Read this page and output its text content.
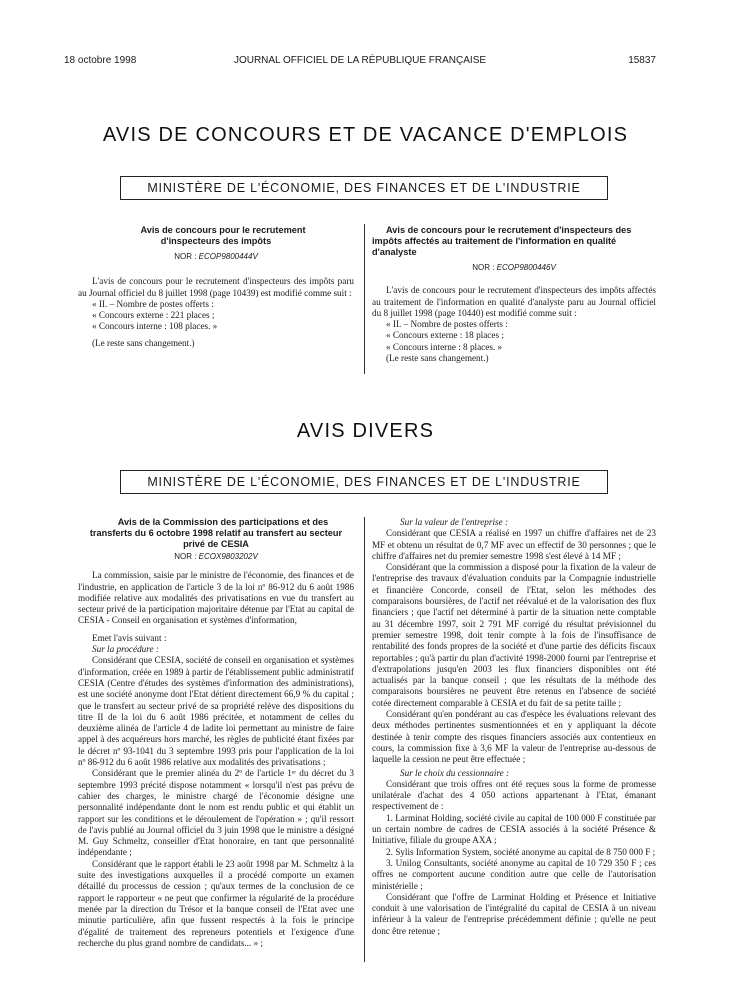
18 octobre 1998	JOURNAL OFFICIEL DE LA RÉPUBLIQUE FRANÇAISE	15837
AVIS DE CONCOURS ET DE VACANCE D'EMPLOIS
MINISTÈRE DE L'ÉCONOMIE, DES FINANCES ET DE L'INDUSTRIE

Avis de concours pour le recrutement d'inspecteurs des impôts

NOR : ECOP9800444V

L'avis de concours pour le recrutement d'inspecteurs des impôts paru au Journal officiel du 8 juillet 1998 (page 10439) est modifié comme suit :

« II. – Nombre de postes offerts :

« Concours externe : 221 places ;

« Concours interne : 108 places. »

(Le reste sans changement.)

Avis de concours pour le recrutement d'inspecteurs des impôts affectés au traitement de l'information en qualité d'analyste

NOR : ECOP9800446V

L'avis de concours pour le recrutement d'inspecteurs des impôts affectés au traitement de l'information en qualité d'analyste paru au Journal officiel du 8 juillet 1998 (page 10440) est modifié comme suit :

« II. – Nombre de postes offerts :

« Concours externe : 18 places ;

« Concours interne : 8 places. »

(Le reste sans changement.)

AVIS DIVERS
MINISTÈRE DE L'ÉCONOMIE, DES FINANCES ET DE L'INDUSTRIE

Avis de la Commission des participations et des transferts du 6 octobre 1998 relatif au transfert au secteur privé de CESIA

NOR : ECOX9803202V

La commission, saisie par le ministre de l'économie, des finances et de l'industrie, en application de l'article 3 de la loi nº 86-912 du 6 août 1986 modifiée relative aux modalités des privatisations en vue du transfert au secteur privé de la participation majoritaire détenue par l'Etat au capital de CESIA - Conseil en organisation et systèmes d'information,

Emet l'avis suivant :

Sur la procédure :

Considérant que CESIA, société de conseil en organisation et systèmes d'information, créée en 1989 à partir de l'établissement public administratif CESIA (Centre d'études des systèmes d'information des administrations), est une société anonyme dont l'Etat détient directement 66,9 % du capital ; que le transfert au secteur privé de sa propriété relève des dispositions du titre II de la loi du 6 août 1986 précitée, et notamment de celles du deuxième alinéa de l'article 4 de ladite loi permettant au ministre de faire appel à des acquéreurs hors marché, les règles de publicité étant fixées par le décret nº 93-1041 du 3 septembre 1993 pris pour l'application de la loi nº 86-912 du 6 août 1986 relative aux modalités des privatisations ;

Considérant que le premier alinéa du 2º de l'article 1ᵉʳ du décret du 3 septembre 1993 précité dispose notamment « lorsqu'il n'est pas prévu de cahier des charges, le ministre chargé de l'économie désigne une personnalité indépendante dont le nom est rendu public et qui établit un rapport sur les conditions et le déroulement de l'opération » ; qu'il ressort de l'avis publié au Journal officiel du 3 juin 1998 que le ministre a désigné M. Guy Schmeltz, conseiller d'Etat honoraire, en tant que personnalité indépendante ;

Considérant que le rapport établi le 23 août 1998 par M. Schmeltz à la suite des investigations auxquelles il a procédé comporte un examen détaillé du processus de cession ; qu'aux termes de la conclusion de ce rapport le rapporteur « ne peut que confirmer la régularité de la procédure menée par la direction du Trésor et la banque conseil de l'Etat avec une minutie particulière, afin que fussent respectés à la fois le principe d'égalité de traitement des repreneurs potentiels et l'exigence d'une recherche du plus grand nombre de candidats... » ;

Sur la valeur de l'entreprise :

Considérant que CESIA a réalisé en 1997 un chiffre d'affaires net de 23 MF et obtenu un résultat de 0,7 MF avec un effectif de 30 personnes ; que le chiffre d'affaires net du premier semestre 1998 s'est élevé à 14 MF ;

Considérant que la commission a disposé pour la fixation de la valeur de l'entreprise des travaux d'évaluation conduits par la Compagnie industrielle et financière Concorde, conseil de l'Etat, selon les méthodes des comparaisons boursières, de l'actif net réévalué et de la valorisation des flux financiers ; que l'actif net déterminé à partir de la situation nette comptable au 31 décembre 1997, soit 2 791 MF corrigé du résultat prévisionnel du premier semestre 1998, doit tenir compte à la fois de l'insuffisance de rentabilité des fonds propres de la société et d'une partie des déficits fiscaux reportables ; qu'à partir du plan d'activité 1998-2000 fourni par l'entreprise et d'extrapolations jusqu'en 2003 les flux financiers disponibles ont été actualisés par la banque conseil ; que les résultats de la méthode des comparaisons boursières ne peuvent être retenus en l'absence de société cotée directement comparable à CESIA et du fait de sa petite taille ;

Considérant qu'en pondérant au cas d'espèce les évaluations relevant des deux méthodes pertinentes susmentionnées et en y appliquant la décote destinée à tenir compte des risques financiers associés aux contentieux en cours, la commission fixe à 3,6 MF la valeur de l'entreprise au-dessous de laquelle la cession ne peut être effectuée ;

Sur le choix du cessionnaire :

Considérant que trois offres ont été reçues sous la forme de promesse unilatérale d'achat des 4 050 actions appartenant à l'Etat, émanant respectivement de :

1. Larminat Holding, société civile au capital de 100 000 F constituée par un certain nombre de cadres de CESIA associés à la société Présence & Initiative, filiale du groupe AXA ;

2. Sylis Information System, société anonyme au capital de 8 750 000 F ;

3. Unilog Consultants, société anonyme au capital de 10 729 350 F ; ces offres ne comportent aucune condition autre que celle de l'autorisation ministérielle ;

Considérant que l'offre de Larminat Holding et Présence et Initiative conduit à une valorisation de l'intégralité du capital de CESIA à un niveau inférieur à la valeur de l'entreprise précédemment définie ; qu'elle ne peut donc être retenue ;
